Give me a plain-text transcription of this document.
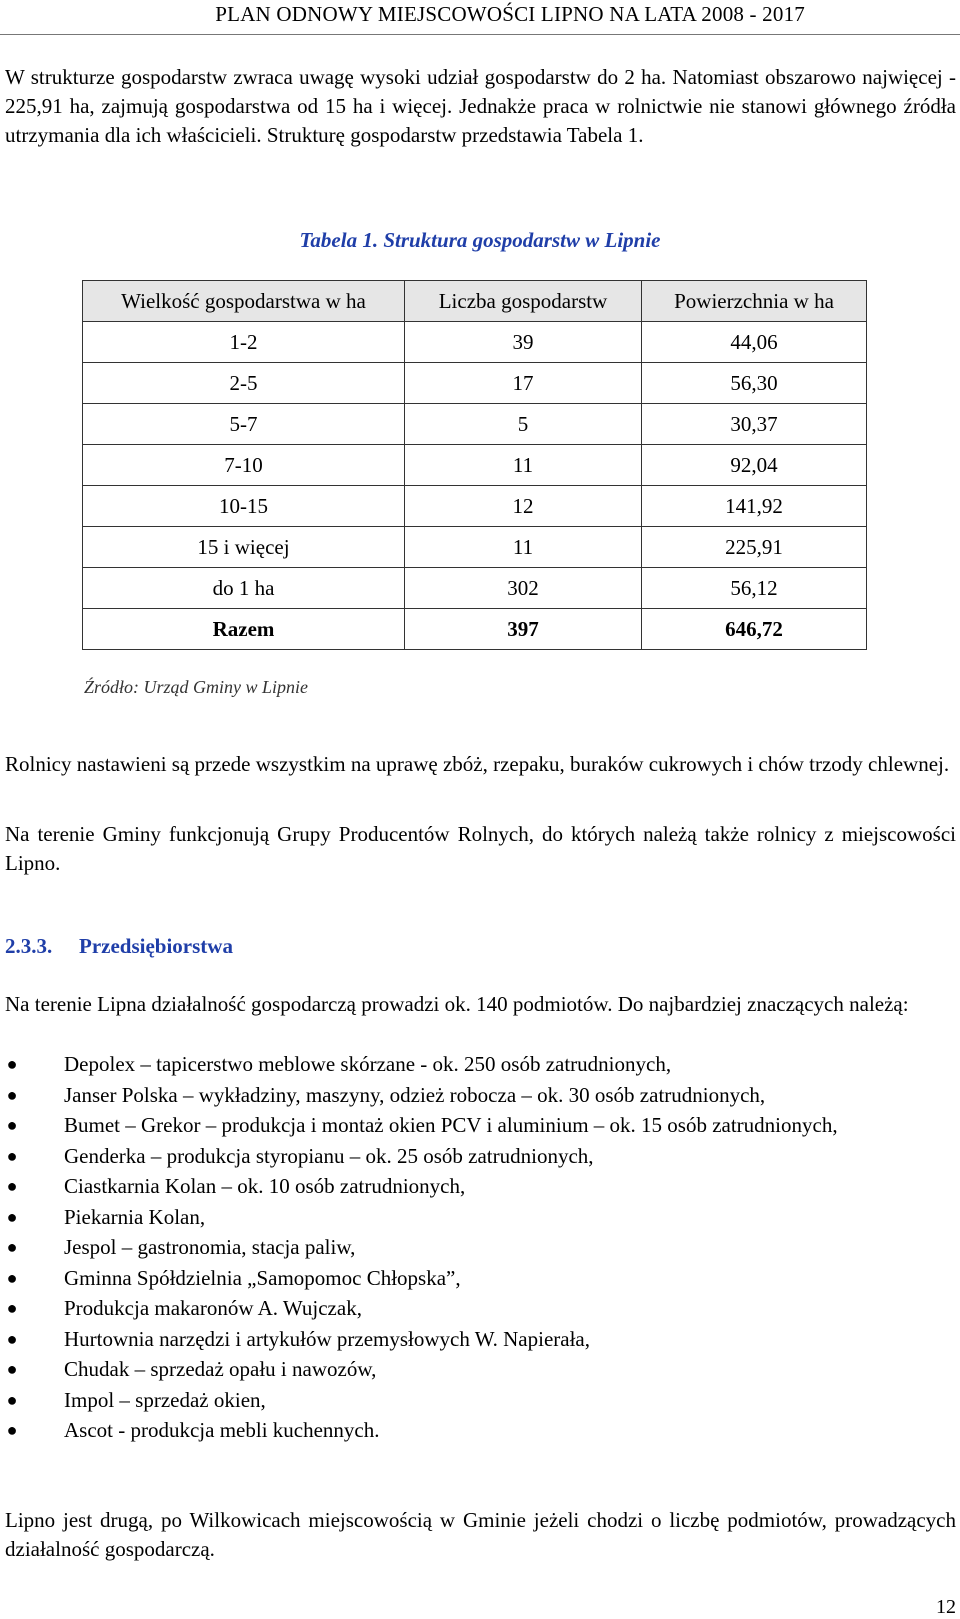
PLAN ODNOWY MIEJSCOWOŚCI LIPNO NA LATA 2008 - 2017

W strukturze gospodarstw zwraca uwagę wysoki udział gospodarstw do 2 ha. Natomiast obszarowo najwięcej - 225,91 ha, zajmują gospodarstwa od 15 ha i więcej. Jednakże praca w rolnictwie nie stanowi głównego źródła utrzymania dla ich właścicieli. Strukturę gospodarstw przedstawia Tabela 1.

Tabela 1. Struktura gospodarstw w Lipnie
Wielkość gospodarstwa w ha	Liczba gospodarstw	Powierzchnia w ha
1-2	39	44,06
2-5	17	56,30
5-7	5	30,37
7-10	11	92,04
10-15	12	141,92
15 i więcej	11	225,91
do 1 ha	302	56,12
Razem	397	646,72
Źródło: Urząd Gminy w Lipnie

Rolnicy nastawieni są przede wszystkim na uprawę zbóż, rzepaku, buraków cukrowych i chów trzody chlewnej.

Na terenie Gminy funkcjonują Grupy Producentów Rolnych, do których należą także rolnicy z miejscowości Lipno.

2.3.3. Przedsiębiorstwa

Na terenie Lipna działalność gospodarczą prowadzi ok. 140 podmiotów. Do najbardziej znaczących należą:

● Depolex – tapicerstwo meblowe skórzane - ok. 250 osób zatrudnionych,
● Janser Polska – wykładziny, maszyny, odzież robocza – ok. 30 osób zatrudnionych,
● Bumet – Grekor – produkcja i montaż okien PCV i aluminium – ok. 15 osób zatrudnionych,
● Genderka – produkcja styropianu – ok. 25 osób zatrudnionych,
● Ciastkarnia Kolan – ok. 10 osób zatrudnionych,
● Piekarnia Kolan,
● Jespol – gastronomia, stacja paliw,
● Gminna Spółdzielnia „Samopomoc Chłopska”,
● Produkcja makaronów A. Wujczak,
● Hurtownia narzędzi i artykułów przemysłowych W. Napierała,
● Chudak – sprzedaż opału i nawozów,
● Impol – sprzedaż okien,
● Ascot - produkcja mebli kuchennych.

Lipno jest drugą, po Wilkowicach miejscowością w Gminie jeżeli chodzi o liczbę podmiotów, prowadzących działalność gospodarczą.

12
